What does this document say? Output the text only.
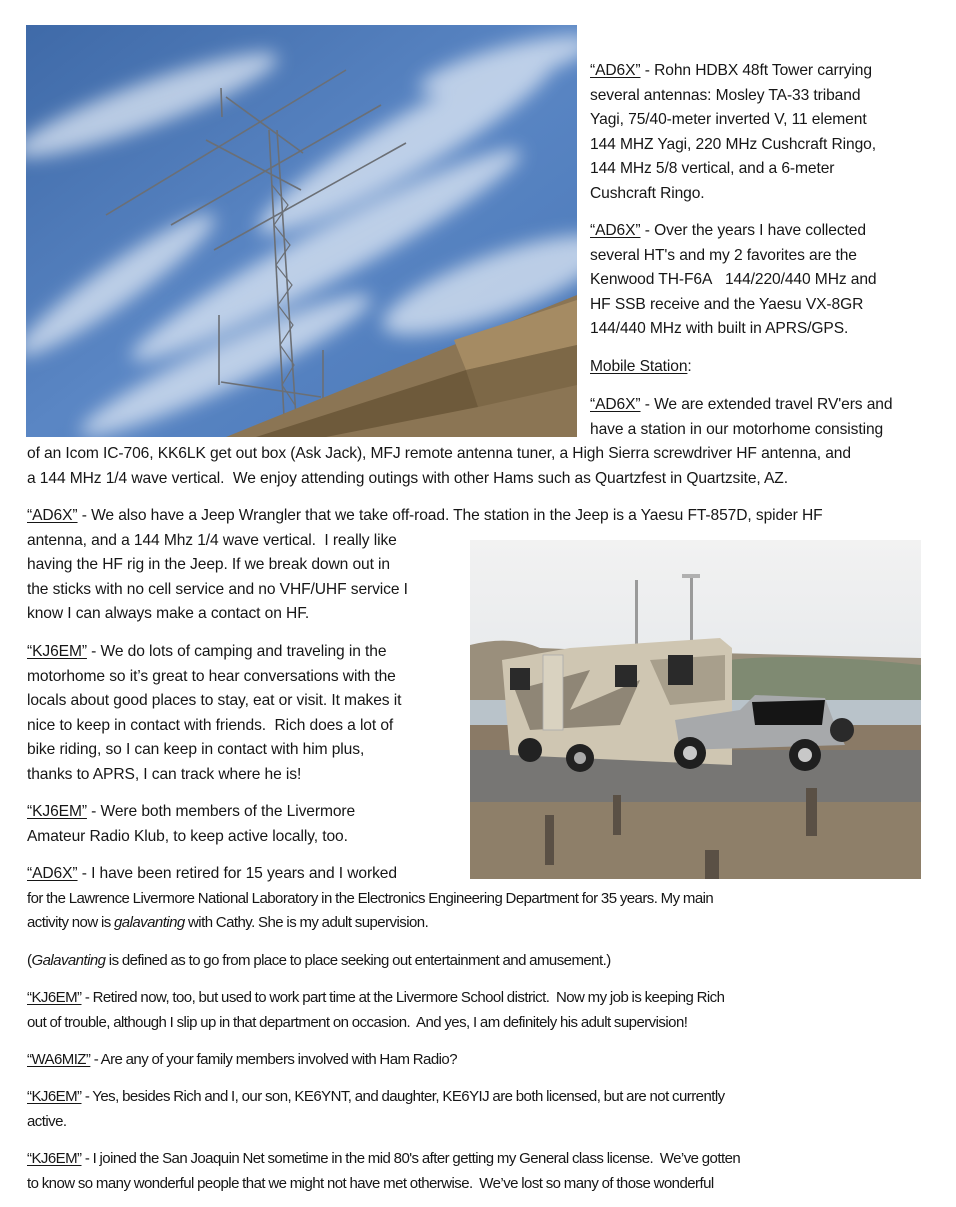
“AD6X” - Rohn HDBX 48ft Tower carrying
several antennas: Mosley TA-33 triband
Yagi, 75/40-meter inverted V, 11 element
144 MHZ Yagi, 220 MHz Cushcraft Ringo,
144 MHz 5/8 vertical, and a 6-meter
Cushcraft Ringo.
“AD6X” - Over the years I have collected
several HT's and my 2 favorites are the
Kenwood TH-F6A   144/220/440 MHz and
HF SSB receive and the Yaesu VX-8GR
144/440 MHz with built in APRS/GPS.
Mobile Station:
“AD6X” - We are extended travel RV'ers and
have a station in our motorhome consisting
of an Icom IC-706, KK6LK get out box (Ask Jack), MFJ remote antenna tuner, a High Sierra screwdriver HF antenna, and
a 144 MHz 1/4 wave vertical.  We enjoy attending outings with other Hams such as Quartzfest in Quartzsite, AZ.
“AD6X” - We also have a Jeep Wrangler that we take off-road. The station in the Jeep is a Yaesu FT-857D, spider HF
antenna, and a 144 Mhz 1/4 wave vertical.  I really like
having the HF rig in the Jeep. If we break down out in
the sticks with no cell service and no VHF/UHF service I
know I can always make a contact on HF.
“KJ6EM” - We do lots of camping and traveling in the
motorhome so it’s great to hear conversations with the
locals about good places to stay, eat or visit. It makes it
nice to keep in contact with friends.  Rich does a lot of
bike riding, so I can keep in contact with him plus,
thanks to APRS, I can track where he is!
“KJ6EM” - Were both members of the Livermore
Amateur Radio Klub, to keep active locally, too.
“AD6X” - I have been retired for 15 years and I worked
for the Lawrence Livermore National Laboratory in the Electronics Engineering Department for 35 years. My main
activity now is galavanting with Cathy. She is my adult supervision.
(Galavanting is defined as to go from place to place seeking out entertainment and amusement.)
“KJ6EM” - Retired now, too, but used to work part time at the Livermore School district.  Now my job is keeping Rich
out of trouble, although I slip up in that department on occasion.  And yes, I am definitely his adult supervision!
“WA6MIZ” - Are any of your family members involved with Ham Radio?
“KJ6EM” - Yes, besides Rich and I, our son, KE6YNT, and daughter, KE6YIJ are both licensed, but are not currently
active.
“KJ6EM” - I joined the San Joaquin Net sometime in the mid 80's after getting my General class license.  We’ve gotten
to know so many wonderful people that we might not have met otherwise.  We’ve lost so many of those wonderful
